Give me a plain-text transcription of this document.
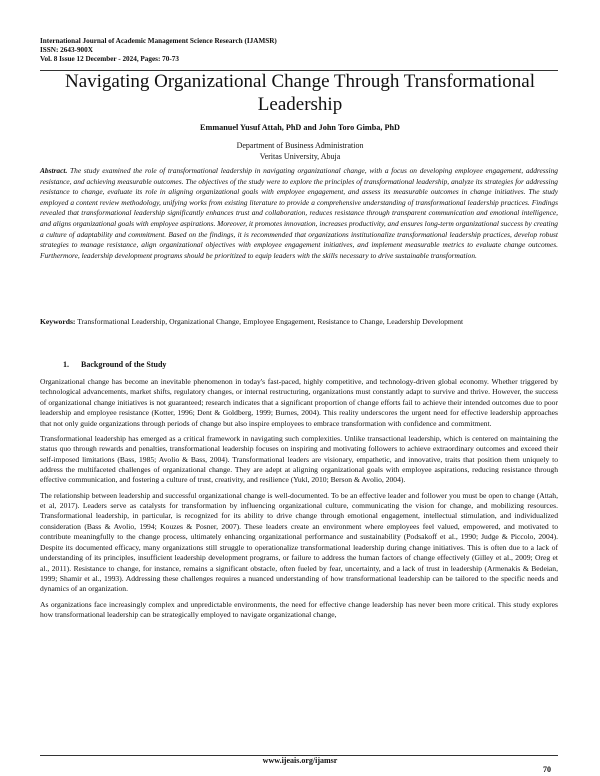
International Journal of Academic Management Science Research (IJAMSR)
ISSN: 2643-900X
Vol. 8 Issue 12 December - 2024, Pages: 70-73
Navigating Organizational Change Through Transformational Leadership
Emmanuel Yusuf Attah, PhD and John Toro Gimba, PhD
Department of Business Administration
Veritas University, Abuja

Abstract. The study examined the role of transformational leadership in navigating organizational change, with a focus on developing employee engagement, addressing resistance, and achieving measurable outcomes. The objectives of the study were to explore the principles of transformational leadership, analyze its strategies for addressing resistance to change, evaluate its role in aligning organizational goals with employee engagement, and assess its measurable outcomes in change initiatives. The study employed a content review methodology, unifying works from existing literature to provide a comprehensive understanding of transformational leadership practices. Findings revealed that transformational leadership significantly enhances trust and collaboration, reduces resistance through transparent communication and emotional intelligence, and aligns organizational goals with employee aspirations. Moreover, it promotes innovation, increases productivity, and ensures long-term organizational success by creating a culture of adaptability and commitment. Based on the findings, it is recommended that organizations institutionalize transformational leadership practices, develop robust strategies to manage resistance, align organizational objectives with employee engagement initiatives, and implement measurable metrics to evaluate change outcomes. Furthermore, leadership development programs should be prioritized to equip leaders with the skills necessary to drive sustainable transformation.

Keywords: Transformational Leadership, Organizational Change, Employee Engagement, Resistance to Change, Leadership Development

1. Background of the Study

Organizational change has become an inevitable phenomenon in today's fast-paced, highly competitive, and technology-driven global economy. Whether triggered by technological advancements, market shifts, regulatory changes, or internal restructuring, organizations must constantly adapt to survive and thrive. However, the success of organizational change initiatives is not guaranteed; research indicates that a significant proportion of change efforts fail to achieve their intended outcomes due to poor leadership and employee resistance (Kotter, 1996; Dent & Goldberg, 1999; Burnes, 2004). This reality underscores the urgent need for effective leadership approaches that not only guide organizations through periods of change but also inspire employees to embrace transformation with confidence and commitment.

Transformational leadership has emerged as a critical framework in navigating such complexities. Unlike transactional leadership, which is centered on maintaining the status quo through rewards and penalties, transformational leadership focuses on inspiring and motivating followers to achieve extraordinary outcomes and exceed their self-imposed limitations (Bass, 1985; Avolio & Bass, 2004). Transformational leaders are visionary, empathetic, and innovative, traits that position them uniquely to address the multifaceted challenges of organizational change. They are adept at aligning organizational goals with employee aspirations, reducing resistance through effective communication, and fostering a culture of trust, creativity, and resilience (Yukl, 2010; Berson & Avolio, 2004).

The relationship between leadership and successful organizational change is well-documented. To be an effective leader and follower you must be open to change (Attah, et al, 2017). Leaders serve as catalysts for transformation by influencing organizational culture, communicating the vision for change, and mobilizing resources. Transformational leadership, in particular, is recognized for its ability to drive change through emotional engagement, intellectual stimulation, and individualized consideration (Bass & Avolio, 1994; Kouzes & Posner, 2007). These leaders create an environment where employees feel valued, empowered, and motivated to contribute meaningfully to the change process, ultimately enhancing organizational performance and sustainability (Podsakoff et al., 1990; Judge & Piccolo, 2004). Despite its documented efficacy, many organizations still struggle to operationalize transformational leadership during change initiatives. This is often due to a lack of understanding of its principles, insufficient leadership development programs, or failure to address the human factors of change effectively (Gilley et al., 2009; Oreg et al., 2011). Resistance to change, for instance, remains a significant obstacle, often fueled by fear, uncertainty, and a lack of trust in leadership (Armenakis & Bedeian, 1999; Shamir et al., 1993). Addressing these challenges requires a nuanced understanding of how transformational leadership can be tailored to the specific needs and dynamics of an organization.

As organizations face increasingly complex and unpredictable environments, the need for effective change leadership has never been more critical. This study explores how transformational leadership can be strategically employed to navigate organizational change,

www.ijeais.org/ijamsr
70
